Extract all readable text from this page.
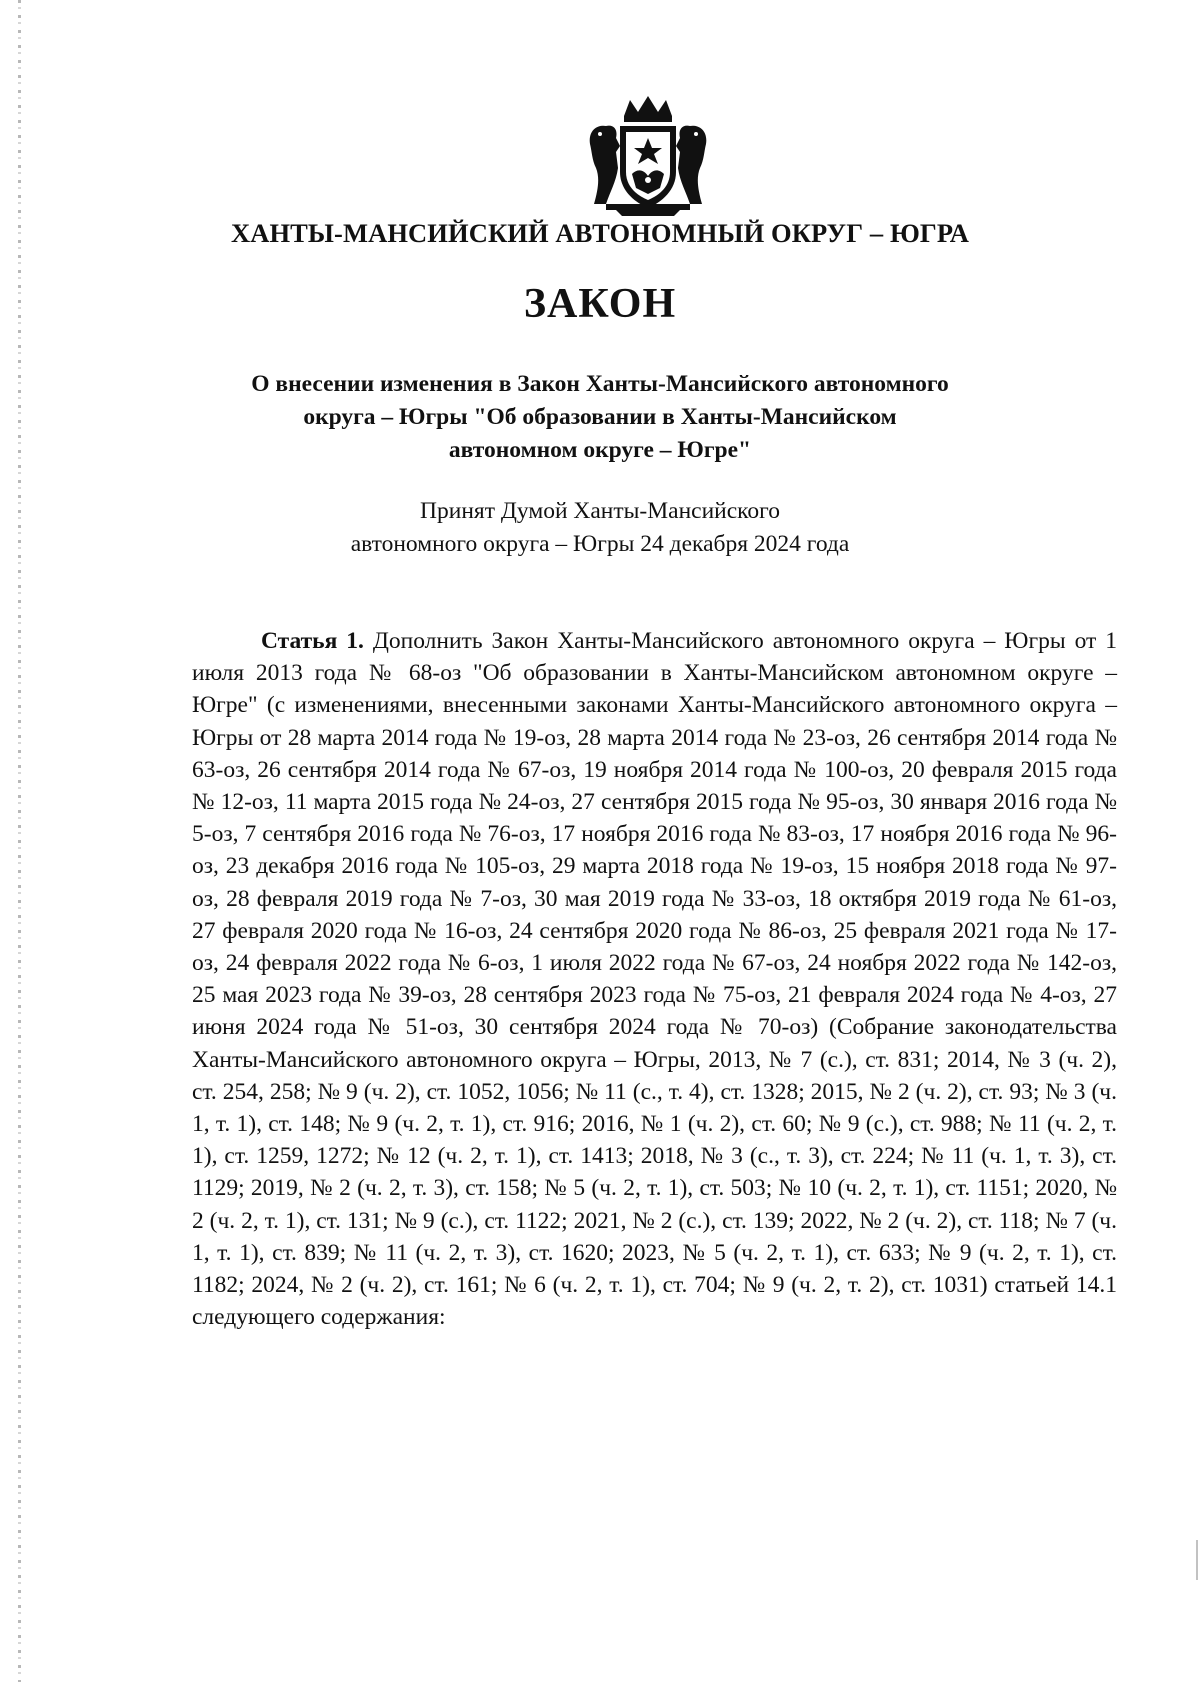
ХАНТЫ-МАНСИЙСКИЙ АВТОНОМНЫЙ ОКРУГ – ЮГРА
ЗАКОН
О внесении изменения в Закон Ханты-Мансийского автономного
округа – Югры "Об образовании в Ханты-Мансийском
автономном округе – Югре"
Принят Думой Ханты-Мансийского
автономного округа – Югры 24 декабря 2024 года
Статья 1. Дополнить Закон Ханты-Мансийского автономного округа – Югры от 1 июля 2013 года № 68-оз "Об образовании в Ханты-Мансийском автономном округе – Югре" (с изменениями, внесенными законами Ханты-Мансийского автономного округа – Югры от 28 марта 2014 года № 19-оз, 28 марта 2014 года № 23-оз, 26 сентября 2014 года № 63-оз, 26 сентября 2014 года № 67-оз, 19 ноября 2014 года № 100-оз, 20 февраля 2015 года № 12-оз, 11 марта 2015 года № 24-оз, 27 сентября 2015 года № 95-оз, 30 января 2016 года № 5-оз, 7 сентября 2016 года № 76-оз, 17 ноября 2016 года № 83-оз, 17 ноября 2016 года № 96-оз, 23 декабря 2016 года № 105-оз, 29 марта 2018 года № 19-оз, 15 ноября 2018 года № 97-оз, 28 февраля 2019 года № 7-оз, 30 мая 2019 года № 33-оз, 18 октября 2019 года № 61-оз, 27 февраля 2020 года № 16-оз, 24 сентября 2020 года № 86-оз, 25 февраля 2021 года № 17-оз, 24 февраля 2022 года № 6-оз, 1 июля 2022 года № 67-оз, 24 ноября 2022 года № 142-оз, 25 мая 2023 года № 39-оз, 28 сентября 2023 года № 75-оз, 21 февраля 2024 года № 4-оз, 27 июня 2024 года № 51-оз, 30 сентября 2024 года № 70-оз) (Собрание законодательства Ханты-Мансийского автономного округа – Югры, 2013, № 7 (с.), ст. 831; 2014, № 3 (ч. 2), ст. 254, 258; № 9 (ч. 2), ст. 1052, 1056; № 11 (с., т. 4), ст. 1328; 2015, № 2 (ч. 2), ст. 93; № 3 (ч. 1, т. 1), ст. 148; № 9 (ч. 2, т. 1), ст. 916; 2016, № 1 (ч. 2), ст. 60; № 9 (с.), ст. 988; № 11 (ч. 2, т. 1), ст. 1259, 1272; № 12 (ч. 2, т. 1), ст. 1413; 2018, № 3 (с., т. 3), ст. 224; № 11 (ч. 1, т. 3), ст. 1129; 2019, № 2 (ч. 2, т. 3), ст. 158; № 5 (ч. 2, т. 1), ст. 503; № 10 (ч. 2, т. 1), ст. 1151; 2020, № 2 (ч. 2, т. 1), ст. 131; № 9 (с.), ст. 1122; 2021, № 2 (с.), ст. 139; 2022, № 2 (ч. 2), ст. 118; № 7 (ч. 1, т. 1), ст. 839; № 11 (ч. 2, т. 3), ст. 1620; 2023, № 5 (ч. 2, т. 1), ст. 633; № 9 (ч. 2, т. 1), ст. 1182; 2024, № 2 (ч. 2), ст. 161; № 6 (ч. 2, т. 1), ст. 704; № 9 (ч. 2, т. 2), ст. 1031) статьей 14.1 следующего содержания:
